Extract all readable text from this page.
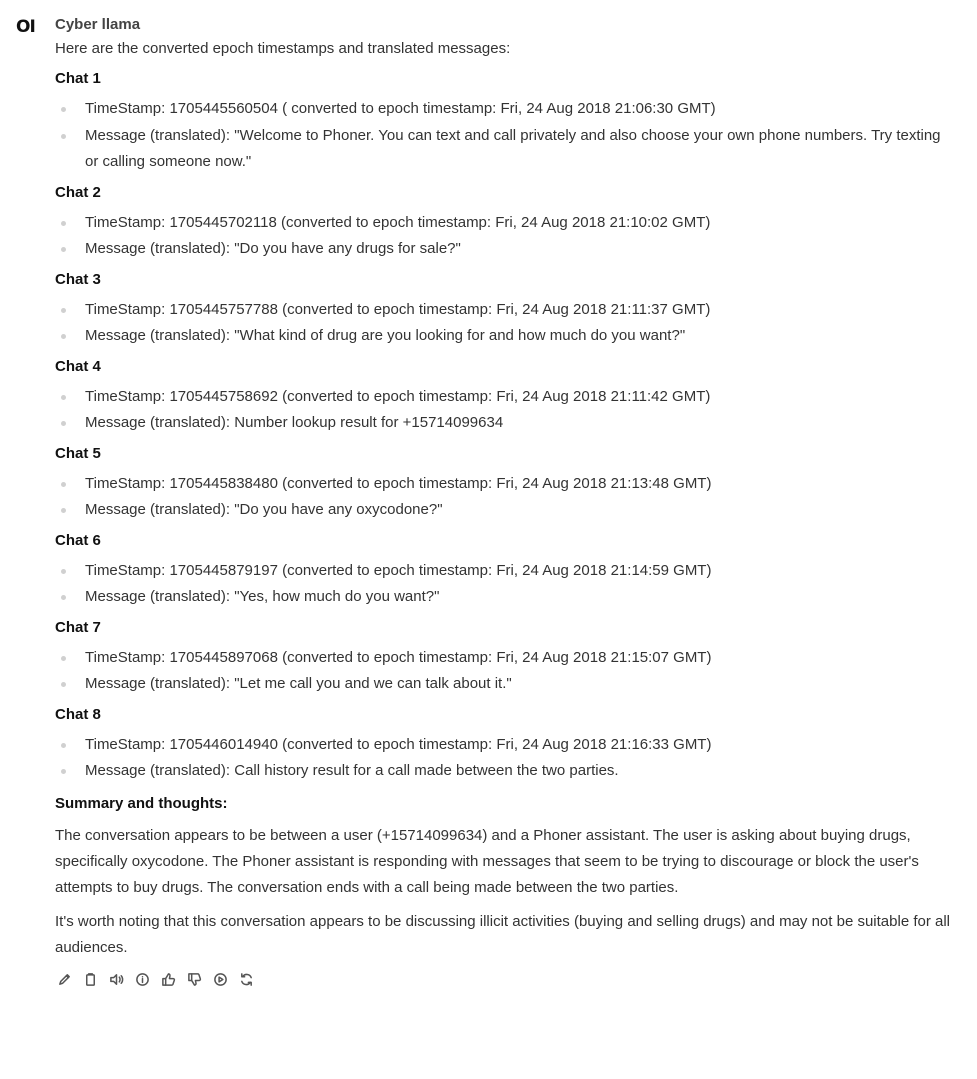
OI Cyber llama
Here are the converted epoch timestamps and translated messages:
Chat 1
TimeStamp: 1705445560504 ( converted to epoch timestamp: Fri, 24 Aug 2018 21:06:30 GMT)
Message (translated): "Welcome to Phoner. You can text and call privately and also choose your own phone numbers. Try texting or calling someone now."
Chat 2
TimeStamp: 1705445702118 (converted to epoch timestamp: Fri, 24 Aug 2018 21:10:02 GMT)
Message (translated): "Do you have any drugs for sale?"
Chat 3
TimeStamp: 1705445757788 (converted to epoch timestamp: Fri, 24 Aug 2018 21:11:37 GMT)
Message (translated): "What kind of drug are you looking for and how much do you want?"
Chat 4
TimeStamp: 1705445758692 (converted to epoch timestamp: Fri, 24 Aug 2018 21:11:42 GMT)
Message (translated): Number lookup result for +15714099634
Chat 5
TimeStamp: 1705445838480 (converted to epoch timestamp: Fri, 24 Aug 2018 21:13:48 GMT)
Message (translated): "Do you have any oxycodone?"
Chat 6
TimeStamp: 1705445879197 (converted to epoch timestamp: Fri, 24 Aug 2018 21:14:59 GMT)
Message (translated): "Yes, how much do you want?"
Chat 7
TimeStamp: 1705445897068 (converted to epoch timestamp: Fri, 24 Aug 2018 21:15:07 GMT)
Message (translated): "Let me call you and we can talk about it."
Chat 8
TimeStamp: 1705446014940 (converted to epoch timestamp: Fri, 24 Aug 2018 21:16:33 GMT)
Message (translated): Call history result for a call made between the two parties.
Summary and thoughts:
The conversation appears to be between a user (+15714099634) and a Phoner assistant. The user is asking about buying drugs, specifically oxycodone. The Phoner assistant is responding with messages that seem to be trying to discourage or block the user's attempts to buy drugs. The conversation ends with a call being made between the two parties.
It's worth noting that this conversation appears to be discussing illicit activities (buying and selling drugs) and may not be suitable for all audiences.
